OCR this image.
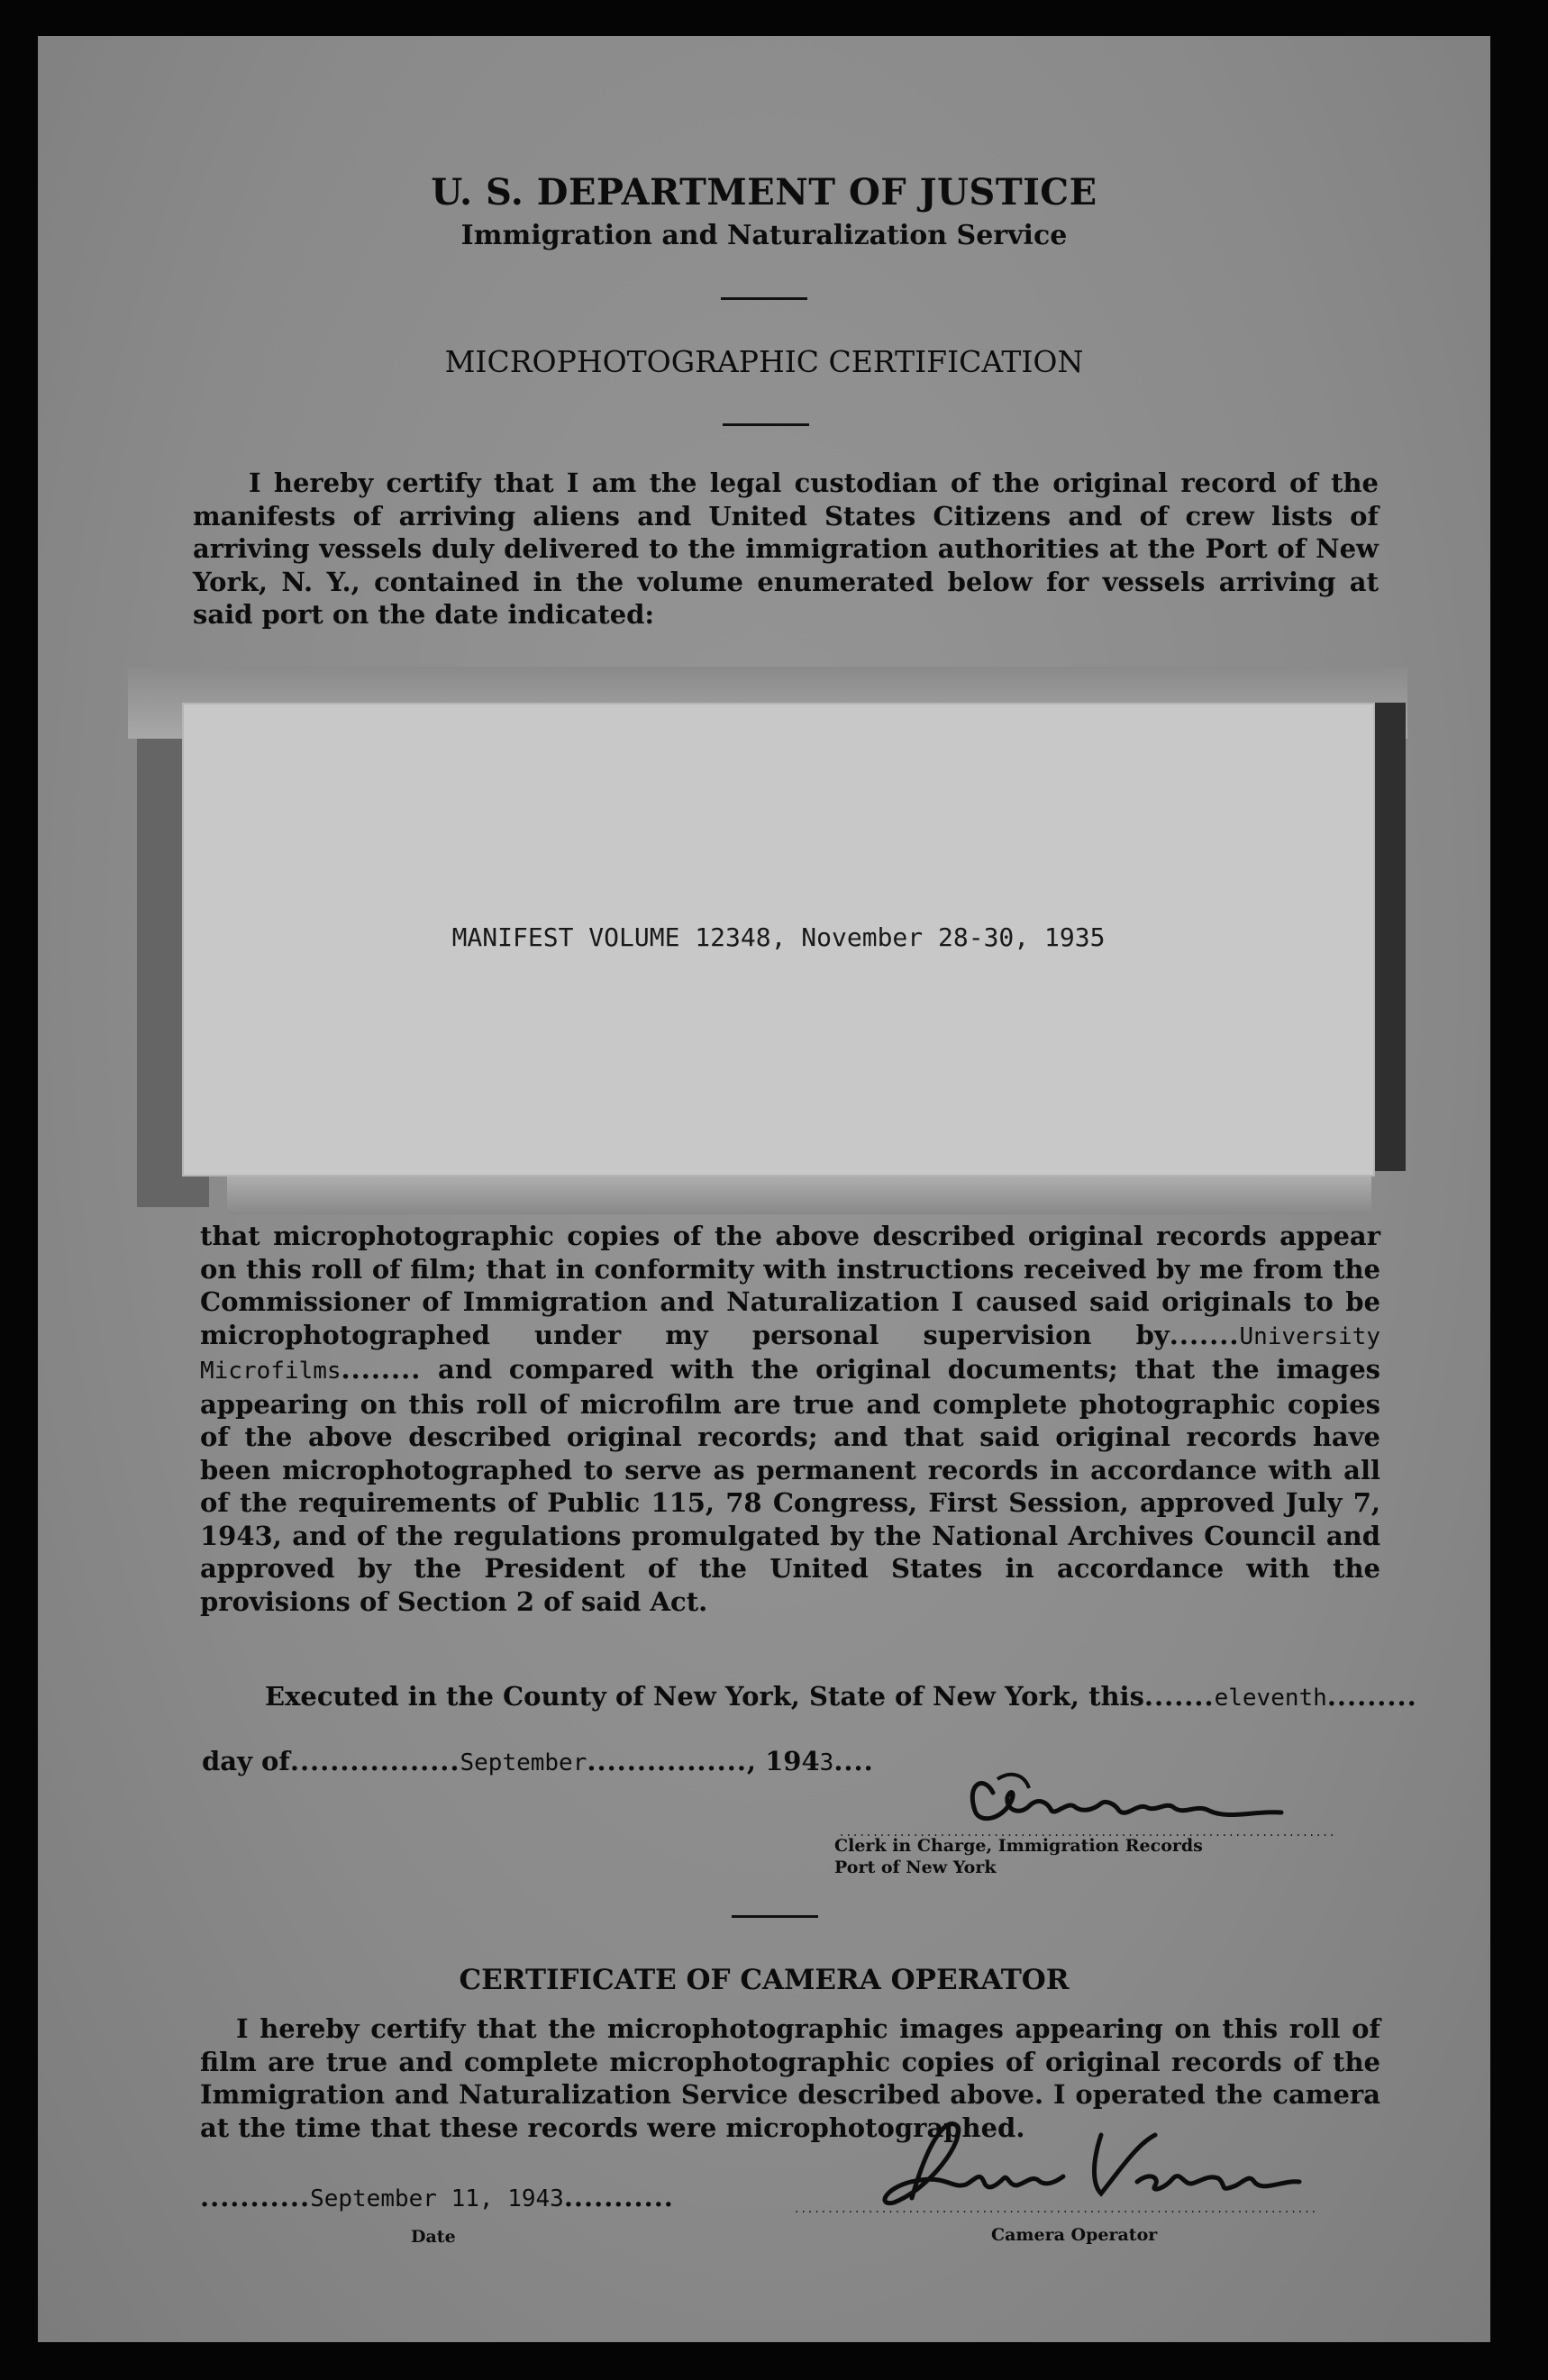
U. S. DEPARTMENT OF JUSTICE
Immigration and Naturalization Service
MICROPHOTOGRAPHIC CERTIFICATION
I hereby certify that I am the legal custodian of the original record of the manifests of arriving aliens and United States Citizens and of crew lists of arriving vessels duly delivered to the immigration authorities at the Port of New York, N. Y., contained in the volume enumerated below for vessels arriving at said port on the date indicated:
MANIFEST VOLUME 12348, November 28-30, 1935
that microphotographic copies of the above described original records appear on this roll of film; that in conformity with instructions received by me from the Commissioner of Immigration and Naturalization I caused said originals to be microphotographed under my personal supervision by.......University Microfilms........ and compared with the original documents; that the images appearing on this roll of microfilm are true and complete photographic copies of the above described original records; and that said original records have been microphotographed to serve as permanent records in accordance with all of the requirements of Public 115, 78 Congress, First Session, approved July 7, 1943, and of the regulations promulgated by the National Archives Council and approved by the President of the United States in accordance with the provisions of Section 2 of said Act.
Executed in the County of New York, State of New York, this.......eleventh.........
day of.................September................, 1943....
..........................................................................
Clerk in Charge, Immigration Records
Port of New York
CERTIFICATE OF CAMERA OPERATOR
I hereby certify that the microphotographic images appearing on this roll of film are true and complete microphotographic copies of original records of the Immigration and Naturalization Service described above. I operated the camera at the time that these records were microphotographed.
...........September 11, 1943...........
Date
..............................................................................
Camera Operator
